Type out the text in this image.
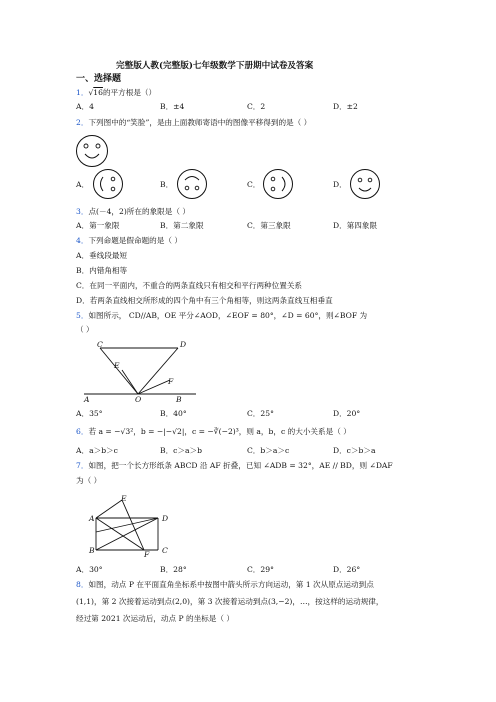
完整版人教(完整版)七年级数学下册期中试卷及答案
一、选择题
1．√16的平方根是（）
A．4	B．±4	C．2	D．±2
2．下列图中的“笑脸”，是由上面教师寄语中的图像平移得到的是（ ）
A．	B．	C．	D．
3．点(－4，2)所在的象限是（ ）
A．第一象限	B．第二象限	C．第三象限	D．第四象限
4．下列命题是假命题的是（ ）
A．垂线段最短
B．内错角相等
C．在同一平面内，不重合的两条直线只有相交和平行两种位置关系
D．若两条直线相交所形成的四个角中有三个角相等，则这两条直线互相垂直
5．如图所示， CD//AB，OE 平分∠AOD，∠EOF = 80°，∠D = 60°，则∠BOF 为
（ ）
C	D
E
F
A	O	B
A．35°	B．40°	C．25°	D．20°
6．若 a = −√3²，b = −|−√2|，c = −∛(−2)³，则 a，b，c 的大小关系是（ ）
A．a＞b＞c	B．c＞a＞b	C．b＞a＞c	D．c＞b＞a
7．如图，把一个长方形纸条 ABCD 沿 AF 折叠，已知 ∠ADB = 32°，AE // BD，则 ∠DAF
为（ ）
E
A	D
B	F C
A．30°	B．28°	C．29°	D．26°
8．如图，动点 P 在平面直角坐标系中按图中箭头所示方向运动，第 1 次从原点运动到点
(1,1)，第 2 次接着运动到点(2,0)，第 3 次接着运动到点(3,−2)，…，按这样的运动规律，
经过第 2021 次运动后，动点 P 的坐标是（ ）
